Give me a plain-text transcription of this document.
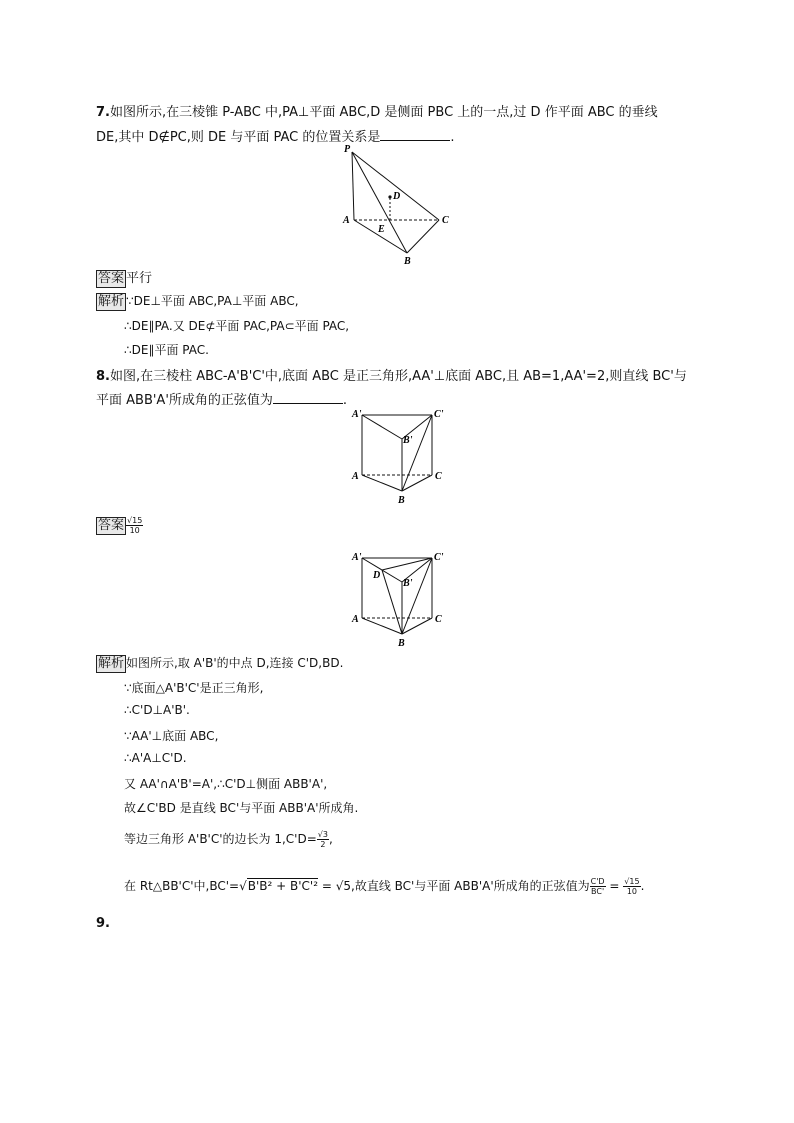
7.如图所示,在三棱锥 P-ABC 中,PA⊥平面 ABC,D 是侧面 PBC 上的一点,过 D 作平面 ABC 的垂线
DE,其中 D∉PC,则 DE 与平面 PAC 的位置关系是	.
P
D
A	C
E
B
答案 平行
解析 ∵DE⊥平面 ABC,PA⊥平面 ABC,
∴DE∥PA.又 DE⊄平面 PAC,PA⊂平面 PAC,
∴DE∥平面 PAC.
8.如图,在三棱柱 ABC-A'B'C'中,底面 ABC 是正三角形,AA'⊥底面 ABC,且 AB=1,AA'=2,则直线 BC'与
平面 ABB'A'所成角的正弦值为	.
A'	C'
B'
A	C
B
答案 $\frac{√15}{10}$
A'	C'
D
B'
A	C
B
解析 如图所示,取 A'B'的中点 D,连接 C'D,BD.
∵底面△A'B'C'是正三角形,
∴C'D⊥A'B'.
∵AA'⊥底面 ABC,
∴A'A⊥C'D.
又 AA'∩A'B'=A',∴C'D⊥侧面 ABB'A',
故∠C'BD 是直线 BC'与平面 ABB'A'所成角.
等边三角形 A'B'C'的边长为 $1,C'D= \frac{√3}{2}$ ,
在 Rt△BB'C'中,BC'=√B'B² + B'C'² = √5,故直线 BC'与平面 ABB'A'所成角的正弦值为 $\frac{C'D}{BC'} = \frac{√15}{10}$ .
9.
